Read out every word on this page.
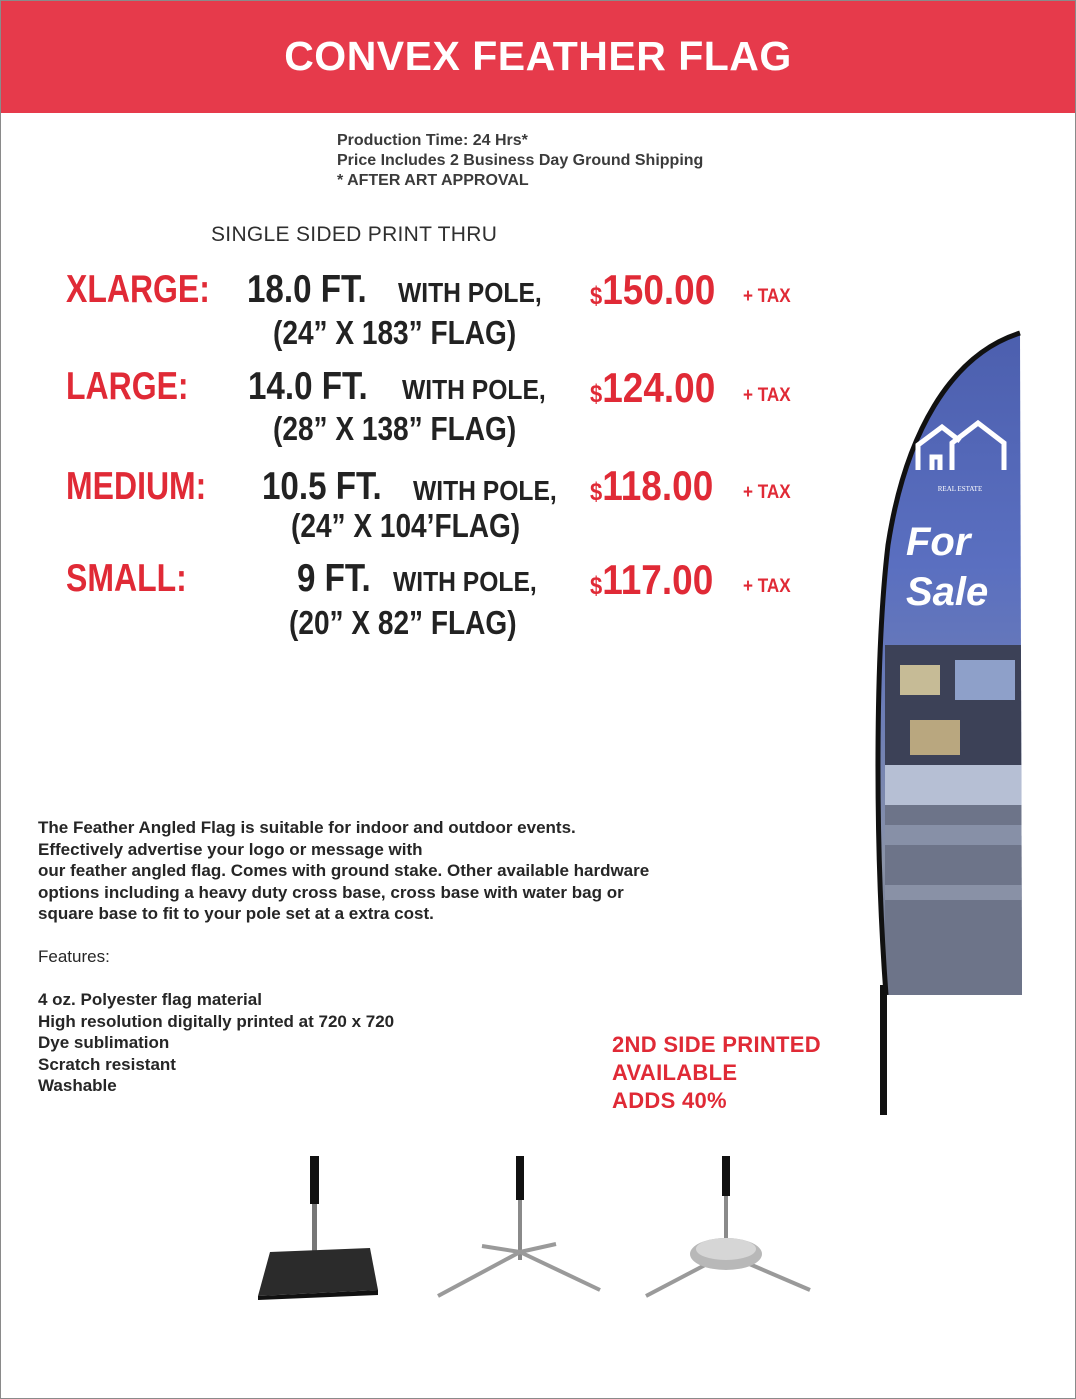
CONVEX FEATHER FLAG
Production Time: 24 Hrs*
Price Includes 2 Business Day Ground Shipping
* AFTER ART APPROVAL
SINGLE SIDED PRINT THRU
XLARGE: 18.0 FT. WITH POLE,
(24” X 183” FLAG)
$150.00 + TAX
LARGE: 14.0 FT. WITH POLE,
(28” X 138” FLAG)
$124.00 + TAX
MEDIUM: 10.5 FT. WITH POLE,
(24” X 104’FLAG)
$118.00 + TAX
SMALL:	9 FT. WITH POLE,
(20” X 82” FLAG)
$117.00 + TAX

The Feather Angled Flag is suitable for indoor and outdoor events.

Effectively advertise your logo or message with

our feather angled flag. Comes with ground stake. Other available hardware

options including a heavy duty cross base, cross base with water bag or

square base to fit to your pole set at a extra cost.

Features:

4 oz. Polyester flag material

High resolution digitally printed at 720 x 720

Dye sublimation

Scratch resistant

Washable

2ND SIDE PRINTED
AVAILABLE
ADDS 40%
REAL ESTATE
For
Sale
